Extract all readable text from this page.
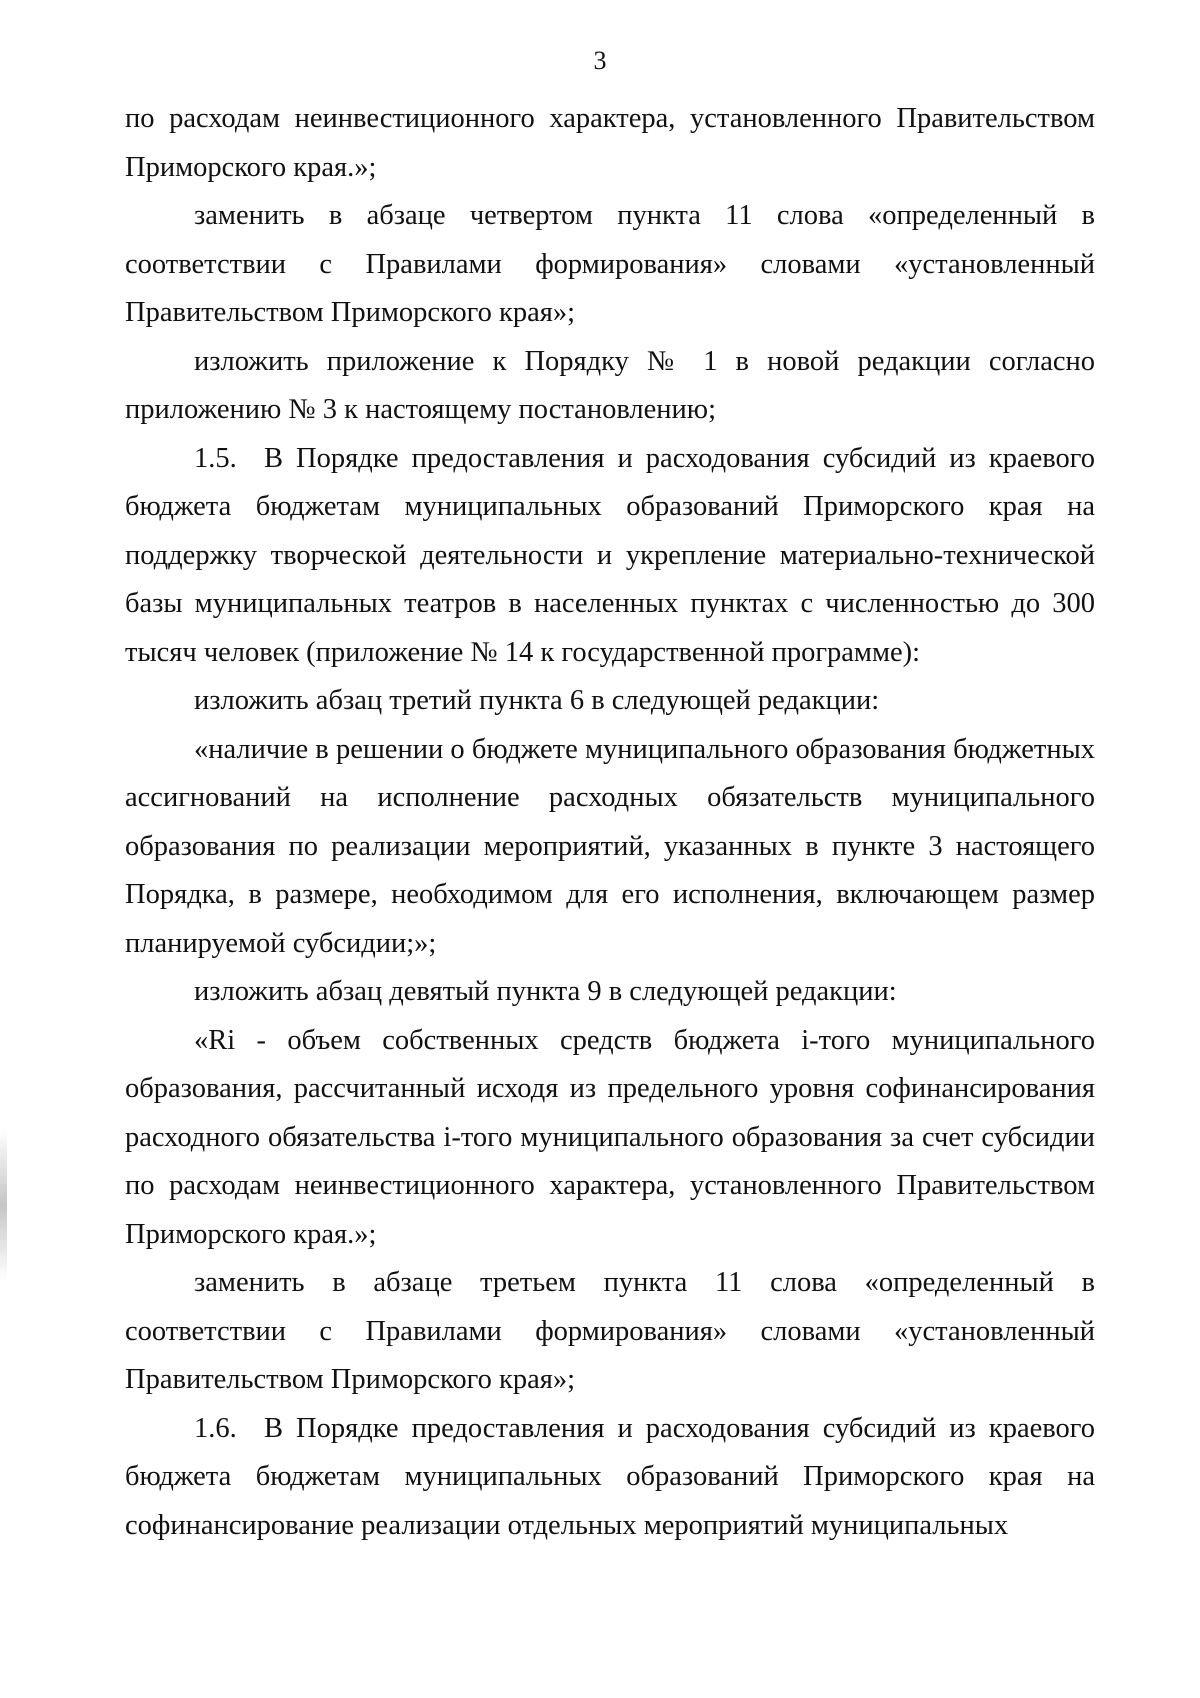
3

по расходам неинвестиционного характера, установленного Правительством Приморского края.»;

заменить в абзаце четвертом пункта 11 слова «определенный в соответствии с Правилами формирования» словами «установленный Правительством Приморского края»;

изложить приложение к Порядку № 1 в новой редакции согласно приложению № 3 к настоящему постановлению;

1.5. В Порядке предоставления и расходования субсидий из краевого бюджета бюджетам муниципальных образований Приморского края на поддержку творческой деятельности и укрепление материально-технической базы муниципальных театров в населенных пунктах с численностью до 300 тысяч человек (приложение № 14 к государственной программе):

изложить абзац третий пункта 6 в следующей редакции:

«наличие в решении о бюджете муниципального образования бюджетных ассигнований на исполнение расходных обязательств муниципального образования по реализации мероприятий, указанных в пункте 3 настоящего Порядка, в размере, необходимом для его исполнения, включающем размер планируемой субсидии;»;

изложить абзац девятый пункта 9 в следующей редакции:

«Ri - объем собственных средств бюджета i-того муниципального образования, рассчитанный исходя из предельного уровня софинансирования расходного обязательства i-того муниципального образования за счет субсидии по расходам неинвестиционного характера, установленного Правительством Приморского края.»;

заменить в абзаце третьем пункта 11 слова «определенный в соответствии с Правилами формирования» словами «установленный Правительством Приморского края»;

1.6. В Порядке предоставления и расходования субсидий из краевого бюджета бюджетам муниципальных образований Приморского края на софинансирование реализации отдельных мероприятий муниципальных
